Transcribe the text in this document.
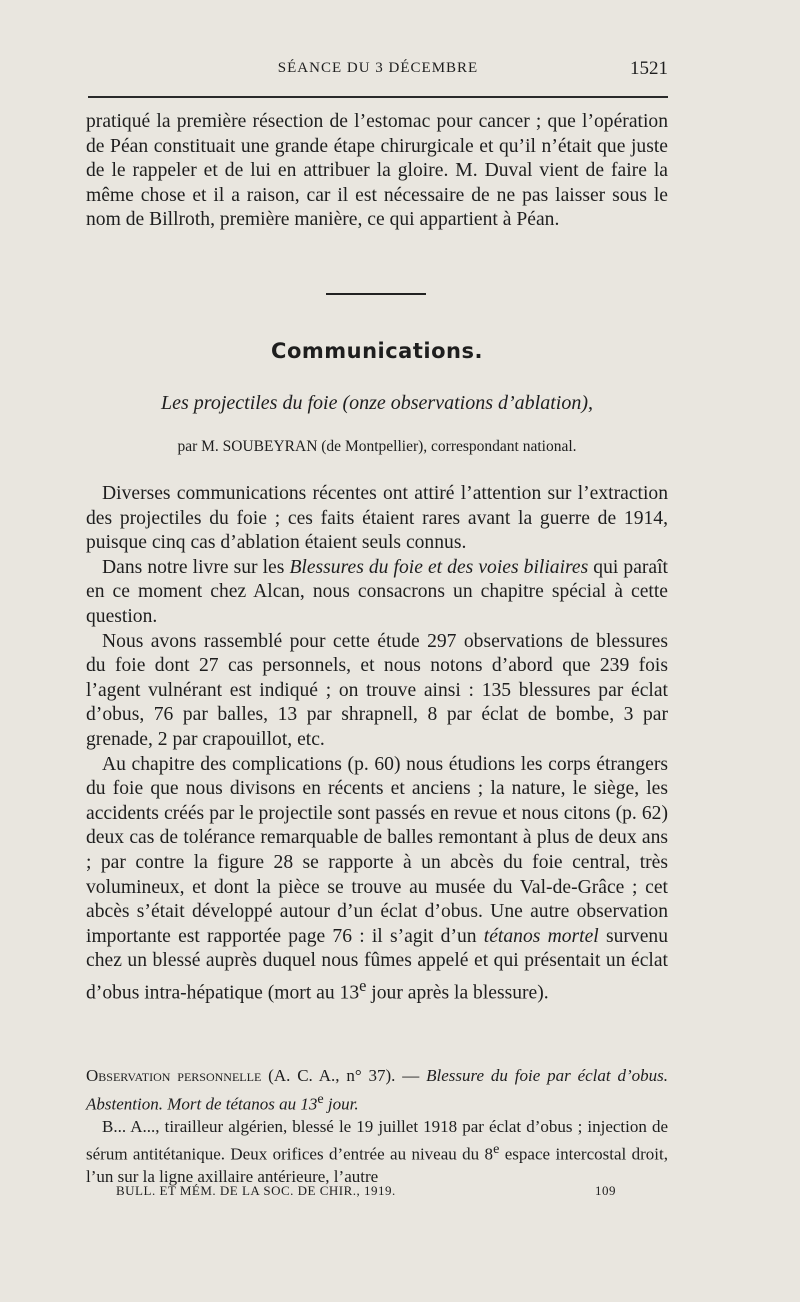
SÉANCE DU 3 DÉCEMBRE	1521

pratiqué la première résection de l’estomac pour cancer ; que l’opération de Péan constituait une grande étape chirurgicale et qu’il n’était que juste de le rappeler et de lui en attribuer la gloire. M. Duval vient de faire la même chose et il a raison, car il est nécessaire de ne pas laisser sous le nom de Billroth, première manière, ce qui appartient à Péan.

Communications.
Les projectiles du foie (onze observations d’ablation),
par M. SOUBEYRAN (de Montpellier), correspondant national.

Diverses communications récentes ont attiré l’attention sur l’extraction des projectiles du foie ; ces faits étaient rares avant la guerre de 1914, puisque cinq cas d’ablation étaient seuls connus.

Dans notre livre sur les Blessures du foie et des voies biliaires qui paraît en ce moment chez Alcan, nous consacrons un chapitre spécial à cette question.

Nous avons rassemblé pour cette étude 297 observations de blessures du foie dont 27 cas personnels, et nous notons d’abord que 239 fois l’agent vulnérant est indiqué ; on trouve ainsi : 135 blessures par éclat d’obus, 76 par balles, 13 par shrapnell, 8 par éclat de bombe, 3 par grenade, 2 par crapouillot, etc.

Au chapitre des complications (p. 60) nous étudions les corps étrangers du foie que nous divisons en récents et anciens ; la nature, le siège, les accidents créés par le projectile sont passés en revue et nous citons (p. 62) deux cas de tolérance remarquable de balles remontant à plus de deux ans ; par contre la figure 28 se rapporte à un abcès du foie central, très volumineux, et dont la pièce se trouve au musée du Val-de-Grâce ; cet abcès s’était développé autour d’un éclat d’obus. Une autre observation importante est rapportée page 76 : il s’agit d’un tétanos mortel survenu chez un blessé auprès duquel nous fûmes appelé et qui présentait un éclat d’obus intra-hépatique (mort au 13e jour après la blessure).

Observation personnelle (A. C. A., n° 37). — Blessure du foie par éclat d’obus. Abstention. Mort de tétanos au 13e jour.

B... A..., tirailleur algérien, blessé le 19 juillet 1918 par éclat d’obus ; injection de sérum antitétanique. Deux orifices d’entrée au niveau du 8e espace intercostal droit, l’un sur la ligne axillaire antérieure, l’autre

BULL. ET MÉM. DE LA SOC. DE CHIR., 1919.	109
